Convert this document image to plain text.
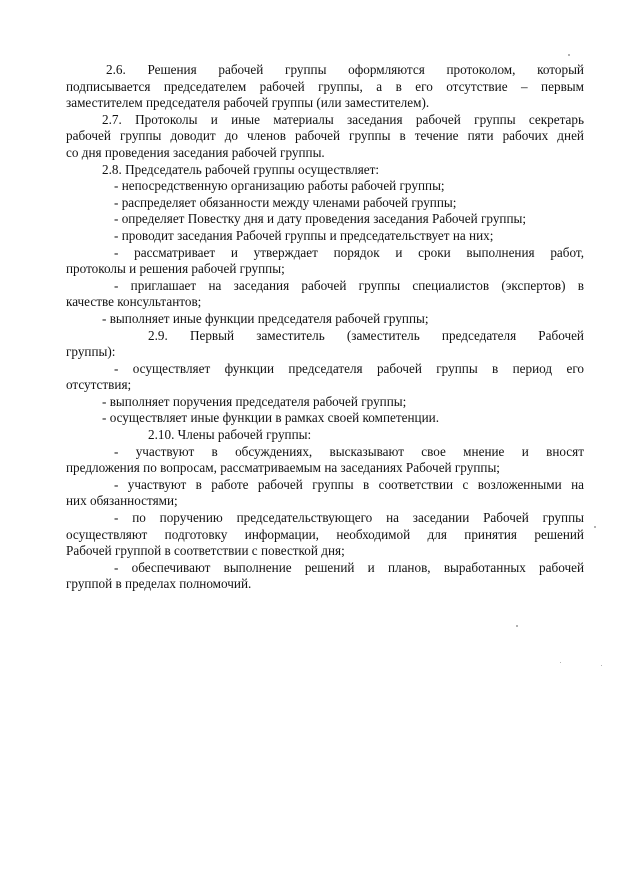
2.6. Решения рабочей группы оформляются протоколом, который
подписывается председателем рабочей группы, а в его отсутствие – первым
заместителем председателя рабочей группы (или заместителем).
2.7. Протоколы и иные материалы заседания рабочей группы секретарь
рабочей группы доводит до членов рабочей группы в течение пяти рабочих дней
со дня проведения заседания рабочей группы.
2.8. Председатель рабочей группы осуществляет:
- непосредственную организацию работы рабочей группы;
- распределяет обязанности между членами рабочей группы;
- определяет Повестку дня и дату проведения заседания Рабочей группы;
- проводит заседания Рабочей группы и председательствует на них;
- рассматривает и утверждает порядок и сроки выполнения работ,
протоколы и решения рабочей группы;
- приглашает на заседания рабочей группы специалистов (экспертов) в
качестве консультантов;
- выполняет иные функции председателя рабочей группы;
2.9. Первый заместитель (заместитель председателя Рабочей
группы):
- осуществляет функции председателя рабочей группы в период его
отсутствия;
- выполняет поручения председателя рабочей группы;
- осуществляет иные функции в рамках своей компетенции.
2.10. Члены рабочей группы:
- участвуют в обсуждениях, высказывают свое мнение и вносят
предложения по вопросам, рассматриваемым на заседаниях Рабочей группы;
- участвуют в работе рабочей группы в соответствии с возложенными на
них обязанностями;
- по поручению председательствующего на заседании Рабочей группы
осуществляют подготовку информации, необходимой для принятия решений
Рабочей группой в соответствии с повесткой дня;
- обеспечивают выполнение решений и планов, выработанных рабочей
группой в пределах полномочий.
